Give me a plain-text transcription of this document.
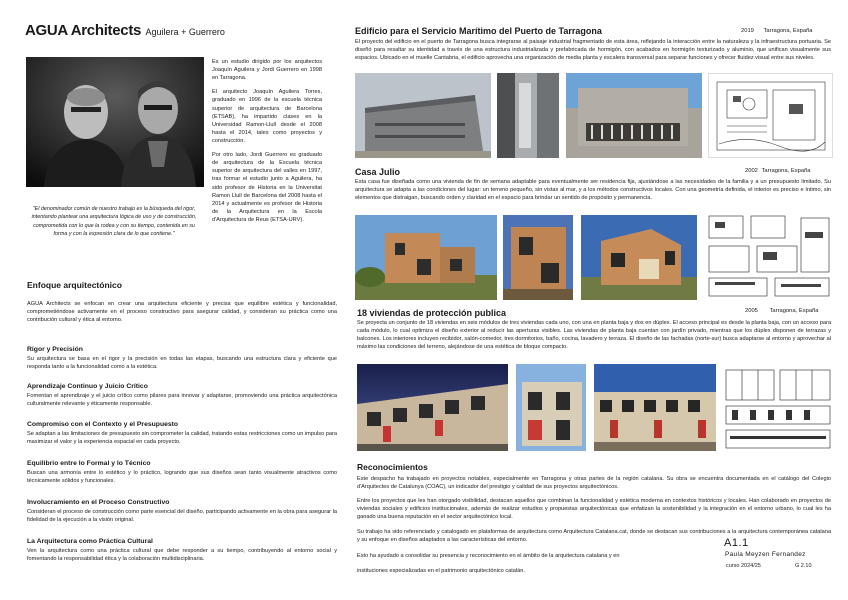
AGUA Architects Aguilera + Guerrero
"El denominador común de nuestro trabajo es la búsqueda del rigor, intentando plantear una arquitectura lógica de uso y de construcción, comprometida con lo que la rodea y con su tiempo, contenida en su forma y con la expresión clara de lo que contiene."

Es un estudio dirigido por los arquitectos Joaquín Aguilera y Jordi Guerrero en 1998 en Tarragona.

El arquitecto Joaquín Aguilera Torres, graduado en 1996 de la escuela técnica superior de arquitectura de Barcelona (ETSAB), ha impartido clases en la Universidad Ramon-Llull desde el 2008 hasta el 2014, tales como proyectos y construcción.

Por otro lado, Jordi Guerrero es graduado de arquitectura de la Escuela técnica superior de arquitectura del valles en 1997, tras formar el estudio junto a Aguilera, ha sido profesor de Historia en la Universitat Ramon Llull de Barcelona del 2008 hasta el 2014 y actualmente es profesor de Historia de la Arquitectura en la Escola d'Arquitectura de Reus (ETSA-URV).

Enfoque arquitectónico

AGUA Architects se enfocan en crear una arquitectura eficiente y precisa que equilibre estética y funcionalidad, comprometiéndose activamente en el proceso constructivo para asegurar calidad, y consideran su práctica como una contribución cultural y ética al entorno.

Rigor y Precisión

Su arquitectura se basa en el rigor y la precisión en todas las etapas, buscando una estructura clara y eficiente que responda tanto a la funcionalidad como a la estética.

Aprendizaje Continuo y Juicio Crítico

Fomentan el aprendizaje y el juicio crítico como pilares para innovar y adaptarse, promoviendo una práctica arquitectónica culturalmente relevante y éticamente responsable.

Compromiso con el Contexto y el Presupuesto

Se adaptan a las limitaciones de presupuesto sin comprometer la calidad, tratando estas restricciones como un impulso para maximizar el valor y la experiencia espacial en cada proyecto.

Equilibrio entre lo Formal y lo Técnico

Buscan una armonía entre lo estético y lo práctico, logrando que sus diseños sean tanto visualmente atractivos como técnicamente sólidos y funcionales.

Involucramiento en el Proceso Constructivo

Consideran el proceso de construcción como parte esencial del diseño, participando activamente en la obra para asegurar la fidelidad de la ejecución a la visión original.

La Arquitectura como Práctica Cultural

Ven la arquitectura como una práctica cultural que debe responder a su tiempo, contribuyendo al entorno social y fomentando la responsabilidad ética y la colaboración multidisciplinaria.

Edificio para el Servicio Marítimo del Puerto de Tarragona	2019 Tarragona, España

El proyecto del edificio en el puerto de Tarragona busca integrarse al paisaje industrial fragmentado de esta área, reflejando la interacción entre la naturaleza y la infraestructura portuaria. Se diseñó para resaltar su identidad a través de una estructura industrializada y prefabricada de hormigón, con acabados en hormigón texturizado y aluminio, que unifican visualmente sus espacios. Ubicado en el muelle Cantabria, el edificio aprovecha una organización de media planta y escalera transversal para separar funciones y ofrecer fluidez visual entre sus niveles.

Casa Julio	2002 Tarragona, España

Esta casa fue diseñada como una vivienda de fin de semana adaptable para eventualmente ser residencia fija, ajustándose a las necesidades de la familia y a un presupuesto limitado. Su arquitectura se adapta a las condiciones del lugar: un terreno pequeño, sin vistas al mar, y a los métodos constructivos locales. Con una geometría definida, el interior es preciso e íntimo, sin elementos que distraigan, buscando orden y claridad en el espacio para brindar un sentido de propósito y permanencia.

18 viviendas de protección publica	2005 Tarragona, España

Se proyecta un conjunto de 18 viviendas en seis módulos de tres viviendas cada uno, con una en planta baja y dos en dúplex. El acceso principal es desde la planta baja, con un acceso para cada módulo, lo cual optimiza el diseño exterior al reducir las aperturas visibles. Las viviendas de planta baja cuentan con jardín privado, mientras que los dúplex disponen de terrazas y balcones. Los interiores incluyen recibidor, salón-comedor, tres dormitorios, baño, cocina, lavadero y terraza. El diseño de las fachadas (norte-sur) busca adaptarse al entorno y aprovechar al máximo las condiciones del terreno, alejándose de una estética de bloque compacto.

Reconocimientos

Este despacho ha trabajado en proyectos notables, especialmente en Tarragona y otras partes de la región catalana. Su obra se encuentra documentada en el catálogo del Colegio d'Arquitectes de Catalunya (COAC), un indicador del prestigio y calidad de sus proyectos arquitectónicos.

Entre los proyectos que les han otorgado visibilidad, destacan aquellos que combinan la funcionalidad y estética moderna en contextos históricos y locales. Han colaborado en proyectos de viviendas sociales y edificios institucionales, además de realizar estudios y propuestas arquitectónicas que enfatizan la sostenibilidad y la integración en el entorno urbano, lo cual les ha ganado una buena reputación en el sector arquitectónico local.

Su trabajo ha sido referenciado y catalogado en plataformas de arquitectura como Arquitectura Catalana.cat, donde se destacan sus contribuciones a la arquitectura contemporánea catalana y su enfoque en diseños adaptados a las características del entorno.

Esto ha ayudado a consolidar su presencia y reconocimiento en el ámbito de la arquitectura catalana y en

instituciones especializadas en el patrimonio arquitectónico catalán.

A1.1
Paula Meyzen Fernandez
curso 2024/25	G 2.10
